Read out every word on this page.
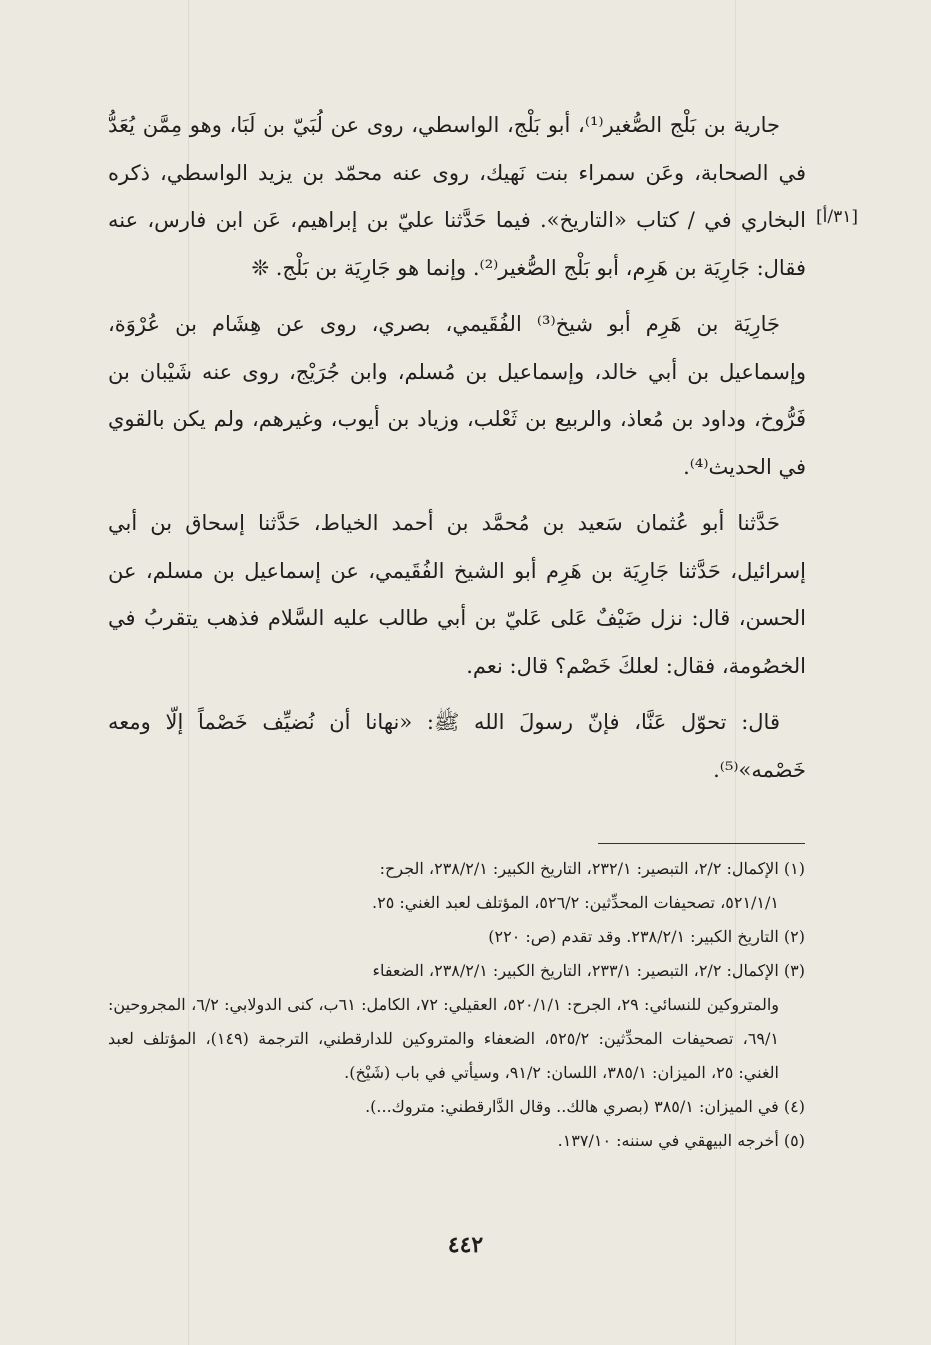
[٣١/أ]

جارية بن بَلْج الصُّغير⁽¹⁾، أبو بَلْج، الواسطي، روى عن لُبَيّ بن لَبَا، وهو مِمَّن يُعَدُّ في الصحابة، وعَن سمراء بنت نَهيك، روى عنه محمّد بن يزيد الواسطي، ذكره البخاري في / كتاب «التاريخ». فيما حَدَّثنا عليّ بن إبراهيم، عَن ابن فارس، عنه فقال: جَارِيَة بن هَرِم، أبو بَلْج الصُّغير⁽²⁾. وإنما هو جَارِيَة بن بَلْج. ❊

جَارِيَة بن هَرِم أبو شيخ⁽³⁾ الفُقَيمي، بصري، روى عن هِشَام بن عُرْوَة، وإسماعيل بن أبي خالد، وإسماعيل بن مُسلم، وابن جُرَيْج، روى عنه شَيْبان بن فَرُّوخ، وداود بن مُعاذ، والربيع بن ثَعْلب، وزياد بن أيوب، وغيرهم، ولم يكن بالقوي في الحديث⁽⁴⁾.

حَدَّثنا أبو عُثمان سَعيد بن مُحمَّد بن أحمد الخياط، حَدَّثنا إسحاق بن أبي إسرائيل، حَدَّثنا جَارِيَة بن هَرِم أبو الشيخ الفُقَيمي، عن إسماعيل بن مسلم، عن الحسن، قال: نزل ضَيْفٌ عَلى عَليّ بن أبي طالب عليه السَّلام فذهب يتقربُ في الخصُومة، فقال: لعلكَ خَصْم؟ قال: نعم.

قال: تحوّل عَنَّا، فإنّ رسولَ الله ﷺ: «نهانا أن نُضيِّف خَصْماً إلّا ومعه خَصْمه»⁽⁵⁾.

(١) الإكمال: ٢/٢، التبصير: ٢٣٢/١، التاريخ الكبير: ٢٣٨/٢/١، الجرح:
٥٢١/١/١، تصحيفات المحدِّثين: ٥٢٦/٢، المؤتلف لعبد الغني: ٢٥.
(٢) التاريخ الكبير: ٢٣٨/٢/١. وقد تقدم (ص: ٢٢٠)
(٣) الإكمال: ٢/٢، التبصير: ٢٣٣/١، التاريخ الكبير: ٢٣٨/٢/١، الضعفاء
والمتروكين للنسائي: ٢٩، الجرح: ٥٢٠/١/١، العقيلي: ٧٢، الكامل: ٦١ب، كنى الدولابي: ٦/٢، المجروحين: ٦٩/١، تصحيفات المحدِّثين: ٥٢٥/٢، الضعفاء والمتروكين للدارقطني، الترجمة (١٤٩)، المؤتلف لعبد الغني: ٢٥، الميزان: ٣٨٥/١، اللسان: ٩١/٢، وسيأتي في باب (شَيْخ).
(٤) في الميزان: ٣٨٥/١ (بصري هالك.. وقال الدَّارقطني: متروك...).
(٥) أخرجه البيهقي في سننه: ١٣٧/١٠.
٤٤٢
